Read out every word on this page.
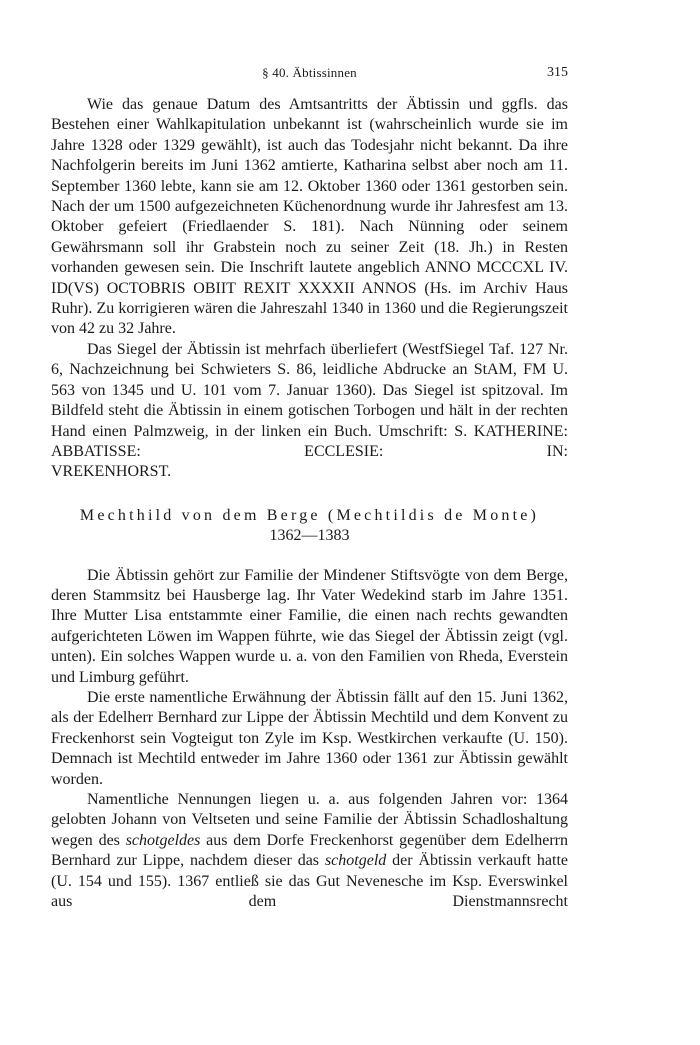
§ 40. Äbtissinnen	315

Wie das genaue Datum des Amtsantritts der Äbtissin und ggfls. das Bestehen einer Wahlkapitulation unbekannt ist (wahrscheinlich wurde sie im Jahre 1328 oder 1329 gewählt), ist auch das Todesjahr nicht bekannt. Da ihre Nachfolgerin bereits im Juni 1362 amtierte, Katharina selbst aber noch am 11. September 1360 lebte, kann sie am 12. Oktober 1360 oder 1361 gestorben sein. Nach der um 1500 aufgezeichneten Küchenordnung wurde ihr Jahresfest am 13. Oktober gefeiert (Friedlaender S. 181). Nach Nünning oder seinem Gewährsmann soll ihr Grabstein noch zu seiner Zeit (18. Jh.) in Resten vorhanden gewesen sein. Die Inschrift lautete angeblich ANNO MCCCXL IV. ID(VS) OCTOBRIS OBIIT REXIT XXXXII ANNOS (Hs. im Archiv Haus Ruhr). Zu korrigieren wären die Jahreszahl 1340 in 1360 und die Regierungszeit von 42 zu 32 Jahre.

Das Siegel der Äbtissin ist mehrfach überliefert (WestfSiegel Taf. 127 Nr. 6, Nachzeichnung bei Schwieters S. 86, leidliche Abdrucke an StAM, FM U. 563 von 1345 und U. 101 vom 7. Januar 1360). Das Siegel ist spitzoval. Im Bildfeld steht die Äbtissin in einem gotischen Torbogen und hält in der rechten Hand einen Palmzweig, in der linken ein Buch. Umschrift: S. KATHERINE: ABBATISSE: ECCLESIE: IN:

VREKENHORST.

Mechthild von dem Berge (Mechtildis de Monte)
1362—1383

Die Äbtissin gehört zur Familie der Mindener Stiftsvögte von dem Berge, deren Stammsitz bei Hausberge lag. Ihr Vater Wedekind starb im Jahre 1351. Ihre Mutter Lisa entstammte einer Familie, die einen nach rechts gewandten aufgerichteten Löwen im Wappen führte, wie das Siegel der Äbtissin zeigt (vgl. unten). Ein solches Wappen wurde u. a. von den Familien von Rheda, Everstein und Limburg geführt.

Die erste namentliche Erwähnung der Äbtissin fällt auf den 15. Juni 1362, als der Edelherr Bernhard zur Lippe der Äbtissin Mechtild und dem Konvent zu Freckenhorst sein Vogteigut ton Zyle im Ksp. Westkirchen verkaufte (U. 150). Demnach ist Mechtild entweder im Jahre 1360 oder 1361 zur Äbtissin gewählt worden.

Namentliche Nennungen liegen u. a. aus folgenden Jahren vor: 1364 gelobten Johann von Veltseten und seine Familie der Äbtissin Schadloshaltung wegen des schotgeldes aus dem Dorfe Freckenhorst gegenüber dem Edelherrn Bernhard zur Lippe, nachdem dieser das schotgeld der Äbtissin verkauft hatte (U. 154 und 155). 1367 entließ sie das Gut Nevenesche im Ksp. Everswinkel aus dem Dienstmannsrecht
